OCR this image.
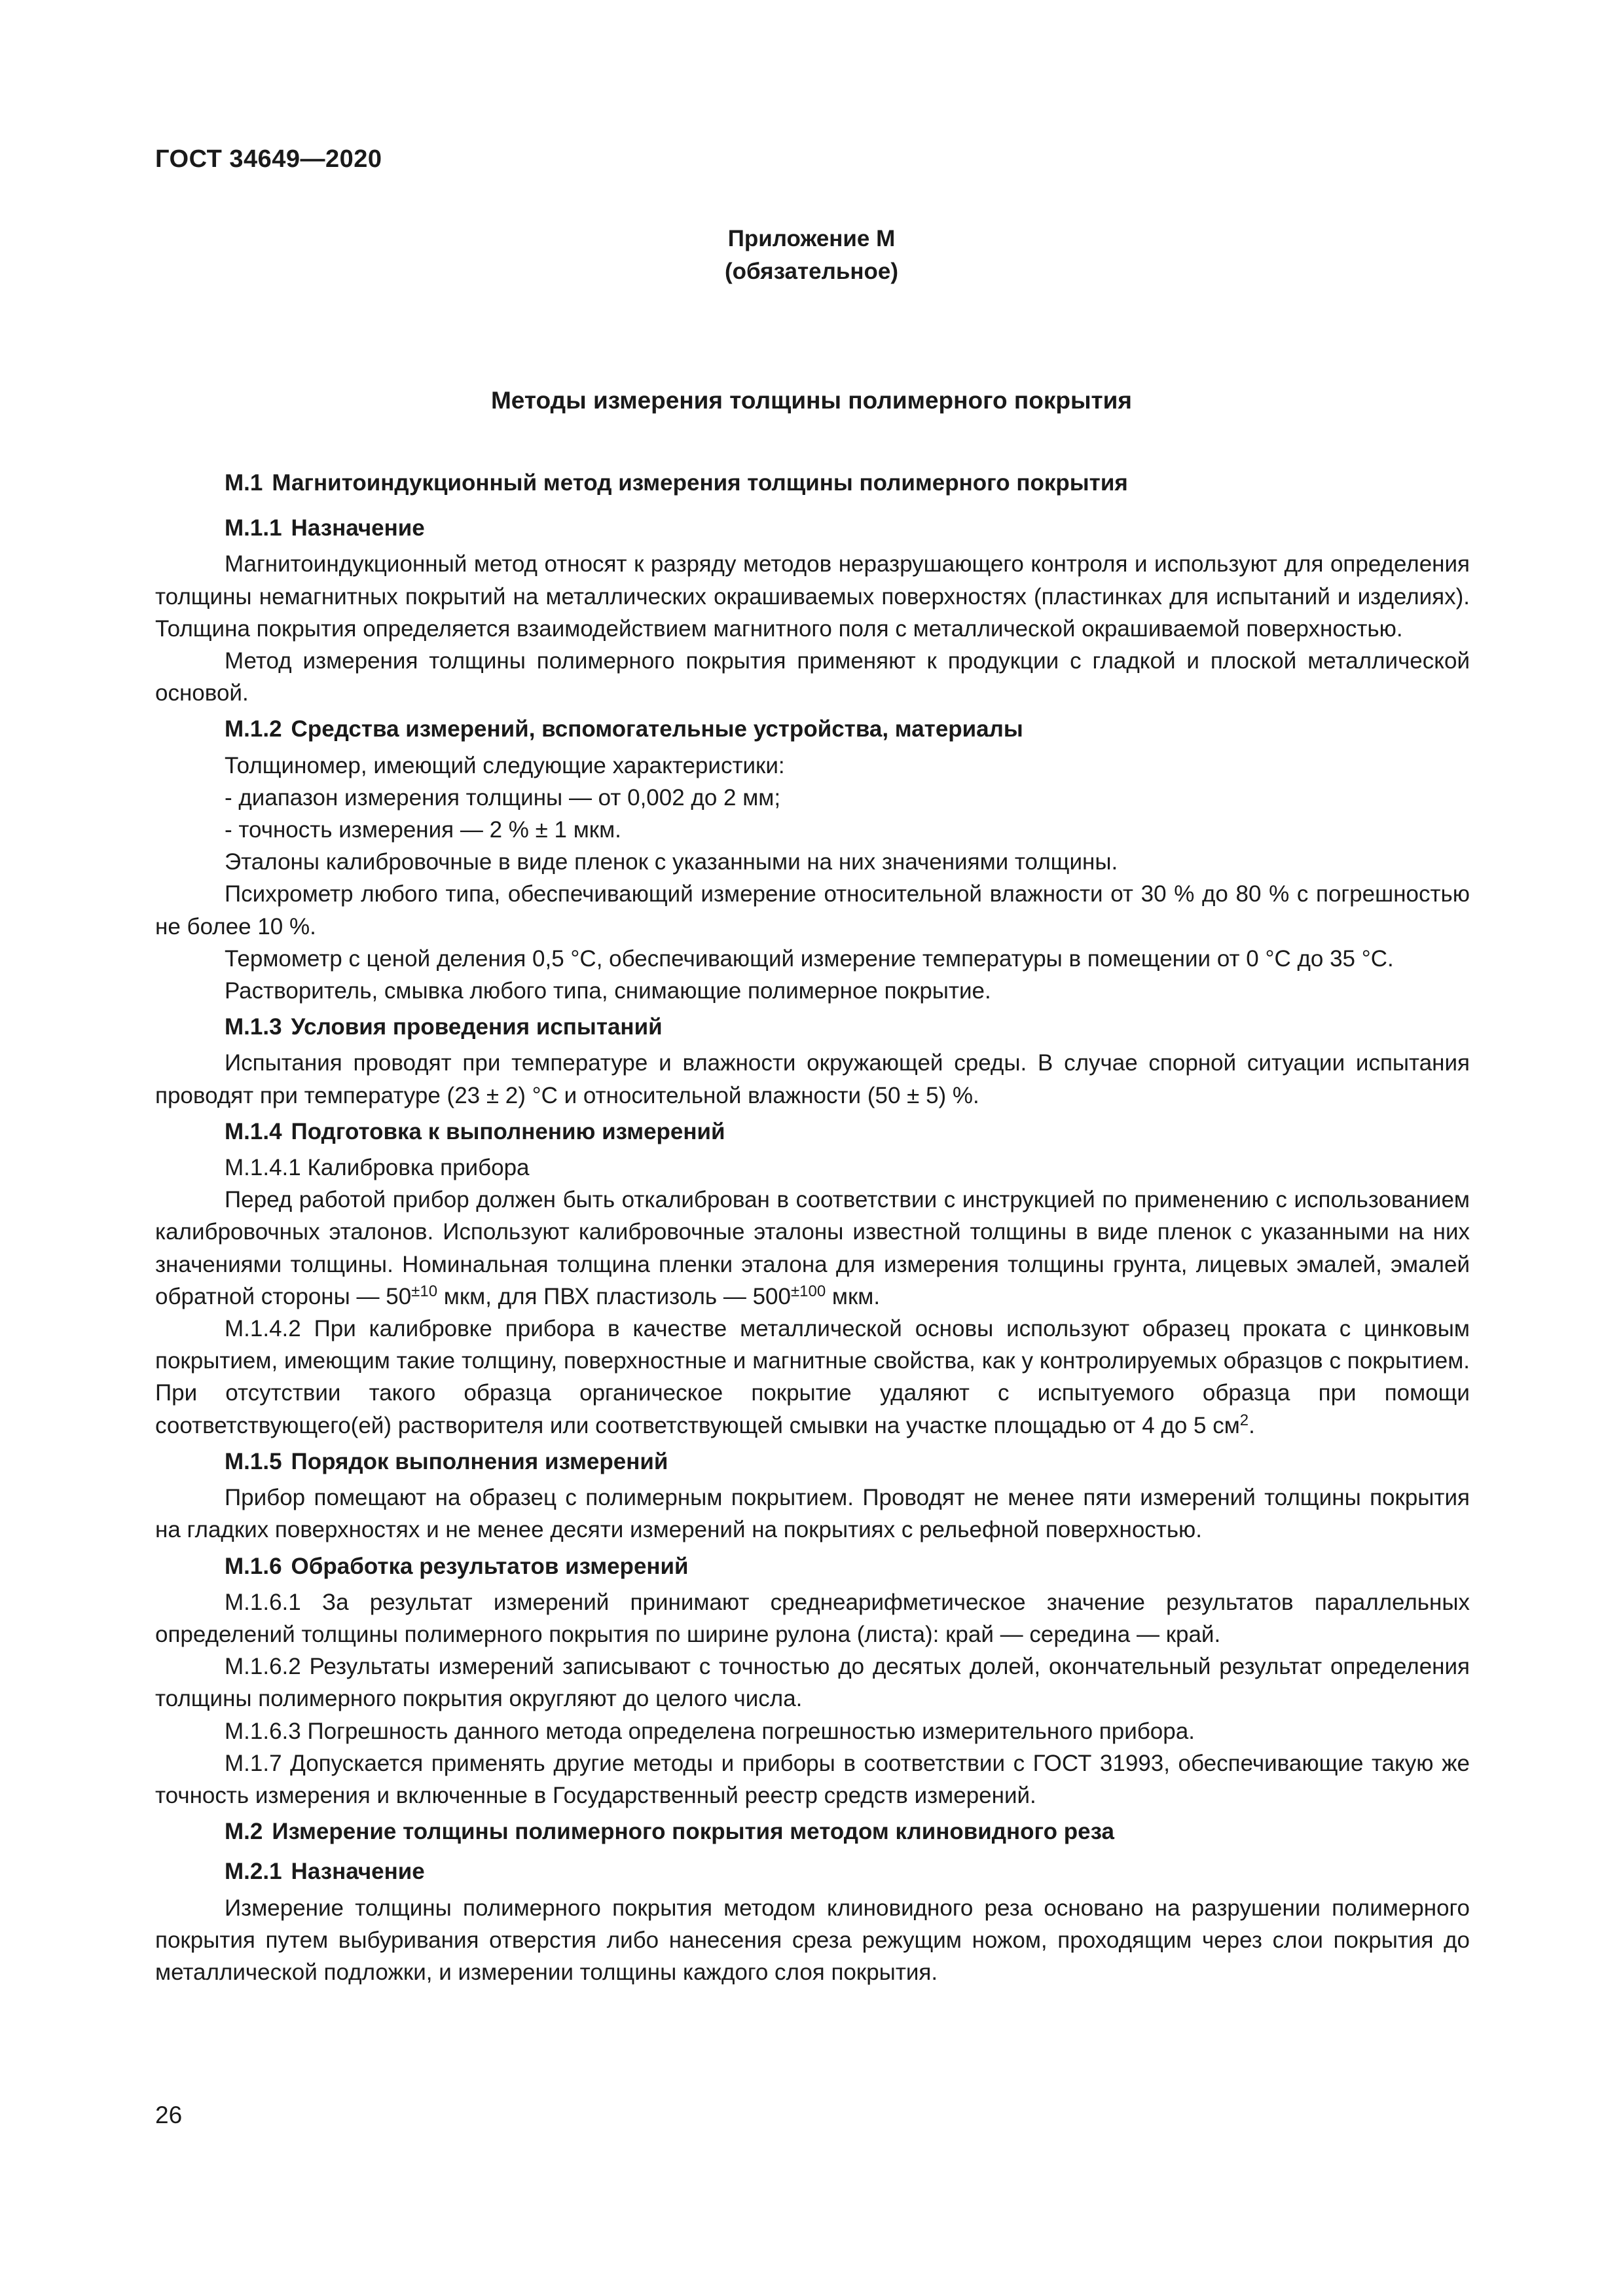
ГОСТ 34649—2020
Приложение М
(обязательное)
Методы измерения толщины полимерного покрытия
М.1 Магнитоиндукционный метод измерения толщины полимерного покрытия
М.1.1 Назначение

Магнитоиндукционный метод относят к разряду методов неразрушающего контроля и используют для определения толщины немагнитных покрытий на металлических окрашиваемых поверхностях (пластинках для испытаний и изделиях). Толщина покрытия определяется взаимодействием магнитного поля с металлической окрашиваемой поверхностью.

Метод измерения толщины полимерного покрытия применяют к продукции с гладкой и плоской металлической основой.

М.1.2 Средства измерений, вспомогательные устройства, материалы

Толщиномер, имеющий следующие характеристики:

- диапазон измерения толщины — от 0,002 до 2 мм;

- точность измерения — 2 % ± 1 мкм.

Эталоны калибровочные в виде пленок с указанными на них значениями толщины.

Психрометр любого типа, обеспечивающий измерение относительной влажности от 30 % до 80 % с погрешностью не более 10 %.

Термометр с ценой деления 0,5 °С, обеспечивающий измерение температуры в помещении от 0 °С до 35 °С.

Растворитель, смывка любого типа, снимающие полимерное покрытие.

М.1.3 Условия проведения испытаний

Испытания проводят при температуре и влажности окружающей среды. В случае спорной ситуации испытания проводят при температуре (23 ± 2) °С и относительной влажности (50 ± 5) %.

М.1.4 Подготовка к выполнению измерений

М.1.4.1 Калибровка прибора

Перед работой прибор должен быть откалиброван в соответствии с инструкцией по применению с использованием калибровочных эталонов. Используют калибровочные эталоны известной толщины в виде пленок с указанными на них значениями толщины. Номинальная толщина пленки эталона для измерения толщины грунта, лицевых эмалей, эмалей обратной стороны — $50^{\pm 10}$ мкм, для ПВХ пластизоль — $500^{\pm 100}$ мкм.

М.1.4.2 При калибровке прибора в качестве металлической основы используют образец проката с цинковым покрытием, имеющим такие толщину, поверхностные и магнитные свойства, как у контролируемых образцов с покрытием. При отсутствии такого образца органическое покрытие удаляют с испытуемого образца при помощи соответствующего(ей) растворителя или соответствующей смывки на участке площадью от 4 до 5 $см^2$.

М.1.5 Порядок выполнения измерений

Прибор помещают на образец с полимерным покрытием. Проводят не менее пяти измерений толщины покрытия на гладких поверхностях и не менее десяти измерений на покрытиях с рельефной поверхностью.

М.1.6 Обработка результатов измерений

М.1.6.1 За результат измерений принимают среднеарифметическое значение результатов параллельных определений толщины полимерного покрытия по ширине рулона (листа): край — середина — край.

М.1.6.2 Результаты измерений записывают с точностью до десятых долей, окончательный результат определения толщины полимерного покрытия округляют до целого числа.

М.1.6.3 Погрешность данного метода определена погрешностью измерительного прибора.

М.1.7 Допускается применять другие методы и приборы в соответствии с ГОСТ 31993, обеспечивающие такую же точность измерения и включенные в Государственный реестр средств измерений.

М.2 Измерение толщины полимерного покрытия методом клиновидного реза
М.2.1 Назначение

Измерение толщины полимерного покрытия методом клиновидного реза основано на разрушении полимерного покрытия путем выбуривания отверстия либо нанесения среза режущим ножом, проходящим через слои покрытия до металлической подложки, и измерении толщины каждого слоя покрытия.

26
